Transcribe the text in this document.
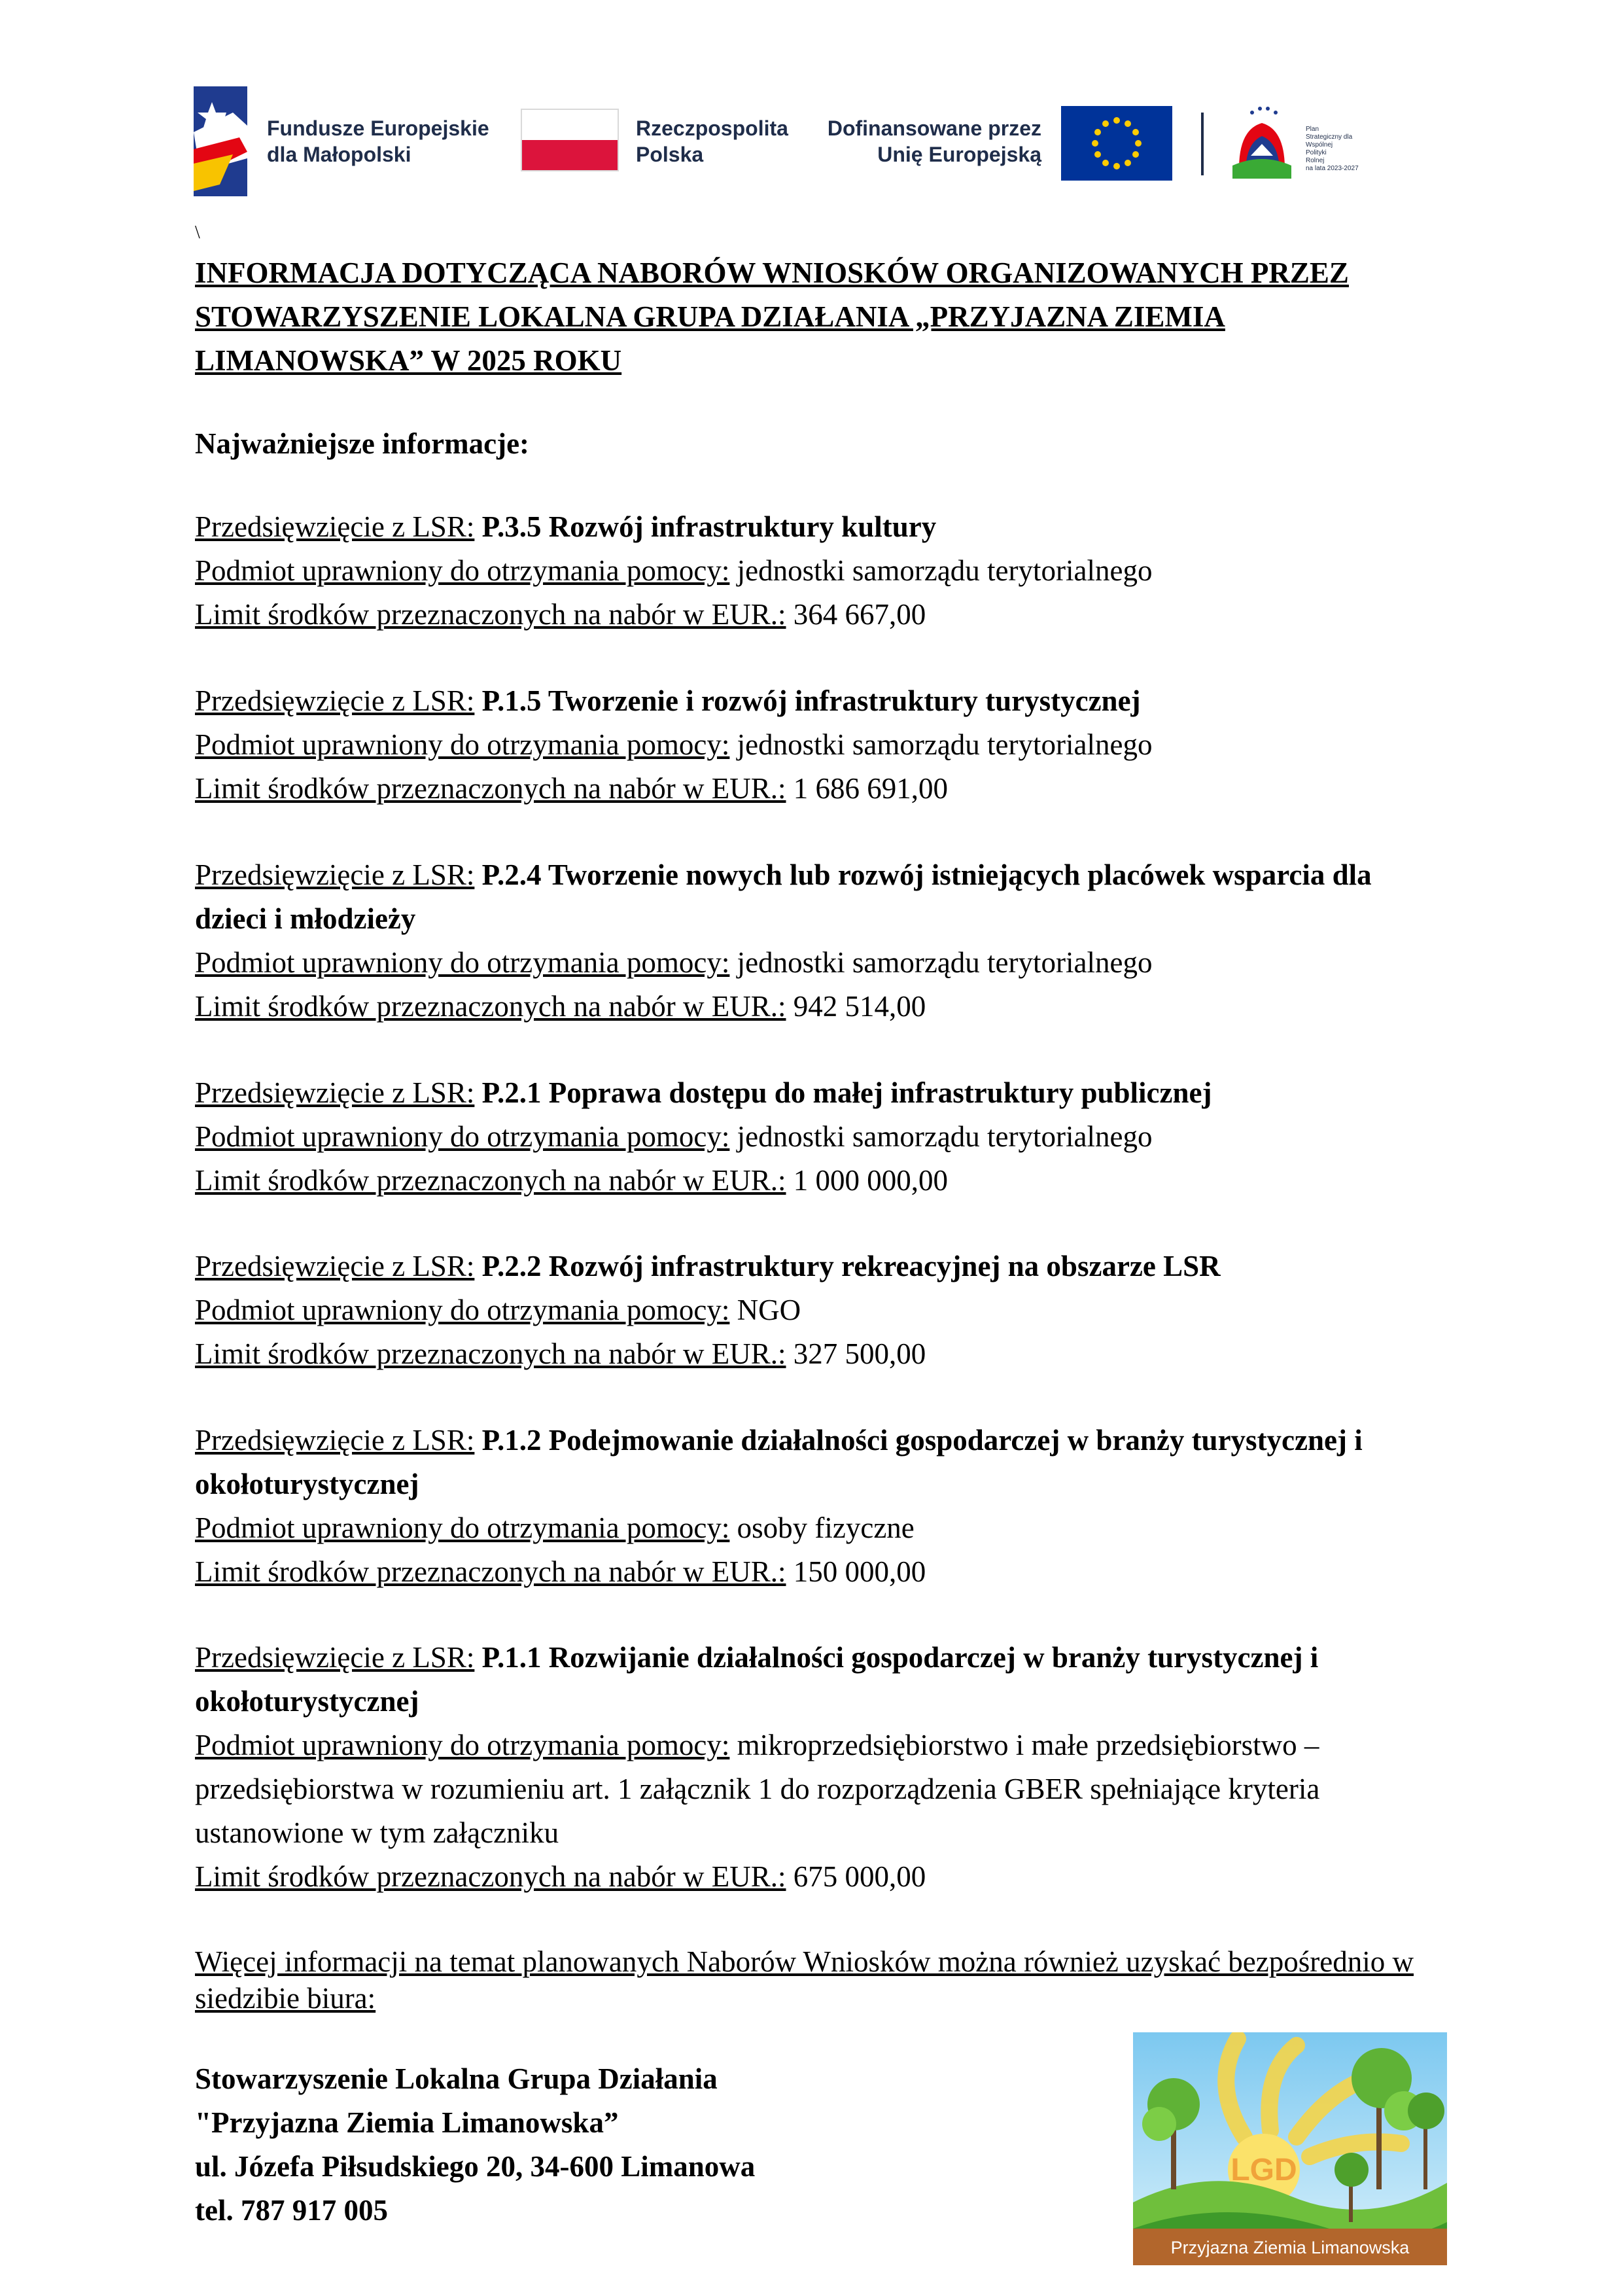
Fundusze Europejskie
dla Małopolski
Rzeczpospolita
Polska
Dofinansowane przez
Unię Europejską
Plan
Strategiczny dla
Wspólnej
Polityki
Rolnej
na lata 2023-2027
\
INFORMACJA DOTYCZĄCA NABORÓW WNIOSKÓW ORGANIZOWANYCH PRZEZ STOWARZYSZENIE LOKALNA GRUPA DZIAŁANIA „PRZYJAZNA ZIEMIA LIMANOWSKA” W 2025 ROKU

Najważniejsze informacje:

Przedsięwzięcie z LSR: P.3.5 Rozwój infrastruktury kultury
Podmiot uprawniony do otrzymania pomocy: jednostki samorządu terytorialnego
Limit środków przeznaczonych na nabór w EUR.: 364 667,00

Przedsięwzięcie z LSR: P.1.5 Tworzenie i rozwój infrastruktury turystycznej
Podmiot uprawniony do otrzymania pomocy: jednostki samorządu terytorialnego
Limit środków przeznaczonych na nabór w EUR.: 1 686 691,00

Przedsięwzięcie z LSR: P.2.4 Tworzenie nowych lub rozwój istniejących placówek wsparcia dla dzieci i młodzieży
Podmiot uprawniony do otrzymania pomocy: jednostki samorządu terytorialnego
Limit środków przeznaczonych na nabór w EUR.: 942 514,00

Przedsięwzięcie z LSR: P.2.1 Poprawa dostępu do małej infrastruktury publicznej
Podmiot uprawniony do otrzymania pomocy: jednostki samorządu terytorialnego
Limit środków przeznaczonych na nabór w EUR.: 1 000 000,00

Przedsięwzięcie z LSR: P.2.2 Rozwój infrastruktury rekreacyjnej na obszarze LSR
Podmiot uprawniony do otrzymania pomocy: NGO
Limit środków przeznaczonych na nabór w EUR.: 327 500,00

Przedsięwzięcie z LSR: P.1.2 Podejmowanie działalności gospodarczej w branży turystycznej i okołoturystycznej
Podmiot uprawniony do otrzymania pomocy: osoby fizyczne
Limit środków przeznaczonych na nabór w EUR.: 150 000,00

Przedsięwzięcie z LSR: P.1.1 Rozwijanie działalności gospodarczej w branży turystycznej i okołoturystycznej
Podmiot uprawniony do otrzymania pomocy: mikroprzedsiębiorstwo i małe przedsiębiorstwo – przedsiębiorstwa w rozumieniu art. 1 załącznik 1 do rozporządzenia GBER spełniające kryteria ustanowione w tym załączniku
Limit środków przeznaczonych na nabór w EUR.: 675 000,00

Więcej informacji na temat planowanych Naborów Wniosków można również uzyskać bezpośrednio w siedzibie biura:

Stowarzyszenie Lokalna Grupa Działania
"Przyjazna Ziemia Limanowska”
ul. Józefa Piłsudskiego 20, 34-600 Limanowa
tel. 787 917 005
LGD
Przyjazna Ziemia Limanowska
